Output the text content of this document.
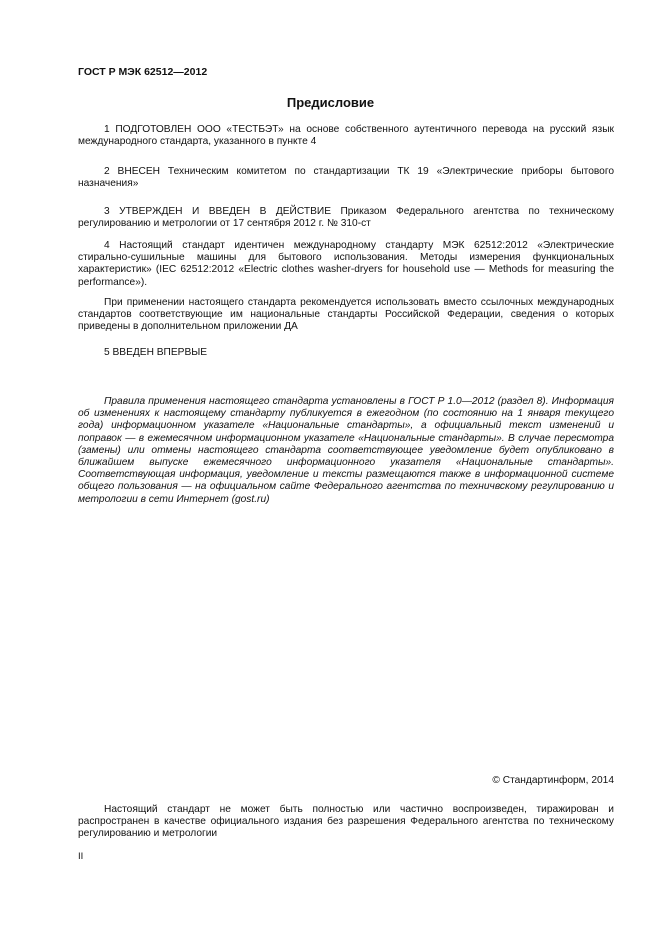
ГОСТ Р МЭК 62512—2012
Предисловие

1 ПОДГОТОВЛЕН ООО «ТЕСТБЭТ» на основе собственного аутентичного перевода на русский язык международного стандарта, указанного в пункте 4

2 ВНЕСЕН Техническим комитетом по стандартизации ТК 19 «Электрические приборы бытового назначения»

3 УТВЕРЖДЕН И ВВЕДЕН В ДЕЙСТВИЕ Приказом Федерального агентства по техническому регулированию и метрологии от 17 сентября 2012 г. № 310-ст

4 Настоящий стандарт идентичен международному стандарту МЭК 62512:2012 «Электрические стирально-сушильные машины для бытового использования. Методы измерения функциональных характеристик» (IEC 62512:2012 «Electric clothes washer-dryers for household use — Methods for measuring the performance»).

При применении настоящего стандарта рекомендуется использовать вместо ссылочных международных стандартов соответствующие им национальные стандарты Российской Федерации, сведения о которых приведены в дополнительном приложении ДА

5 ВВЕДЕН ВПЕРВЫЕ

Правила применения настоящего стандарта установлены в ГОСТ Р 1.0—2012 (раздел 8). Информация об изменениях к настоящему стандарту публикуется в ежегодном (по состоянию на 1 января текущего года) информационном указателе «Национальные стандарты», а официальный текст изменений и поправок — в ежемесячном информационном указателе «Национальные стандарты». В случае пересмотра (замены) или отмены настоящего стандарта соответствующее уведомление будет опубликовано в ближайшем выпуске ежемесячного информационного указателя «Национальные стандарты». Соответствующая информация, уведомление и тексты размещаются также в информационной системе общего пользования — на официальном сайте Федерального агентства по техничвскому регулированию и метрологии в сети Интернет (gost.ru)

© Стандартинформ, 2014

Настоящий стандарт не может быть полностью или частично воспроизведен, тиражирован и распространен в качестве официального издания без разрешения Федерального агентства по техническому регулированию и метрологии

II
